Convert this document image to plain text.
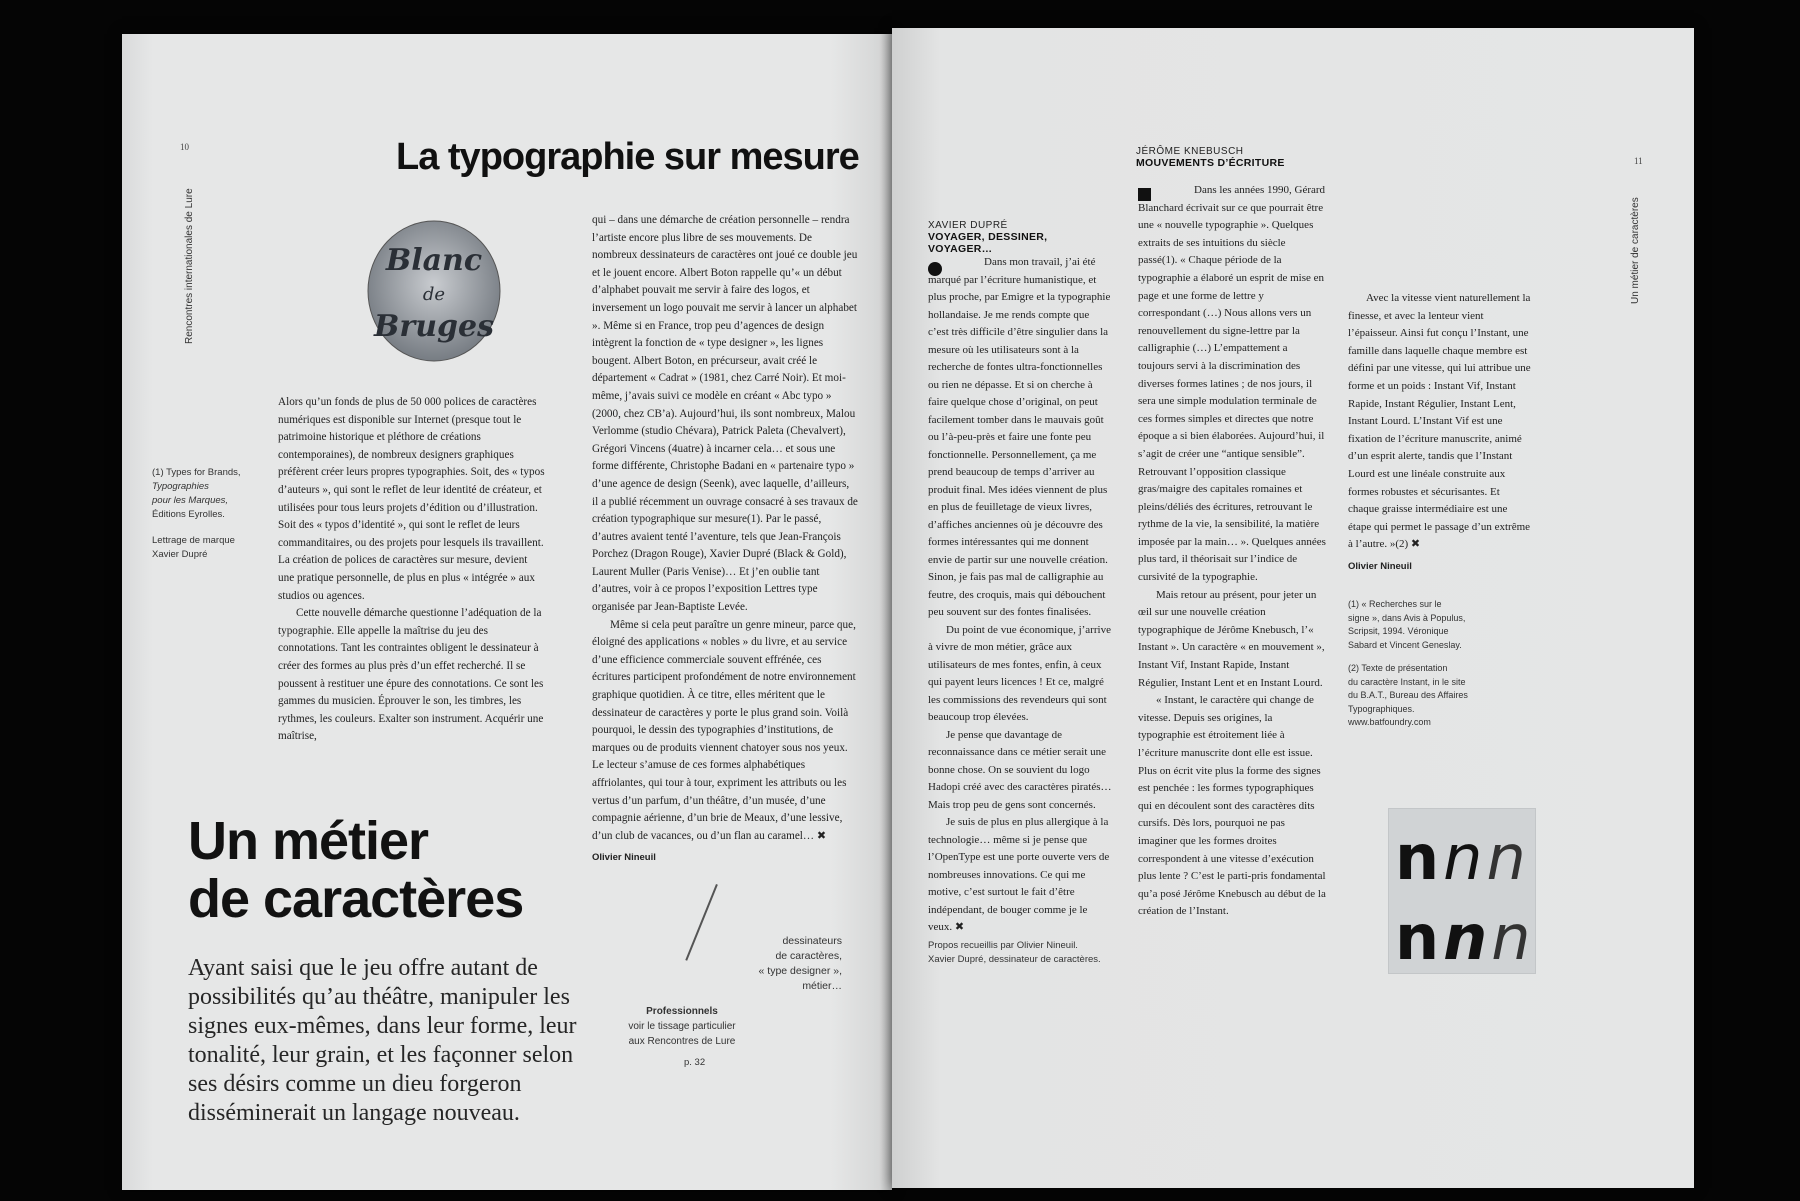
10
Rencontres internationales de Lure
La typographie sur mesure
Blanc
de
Bruges
(1) Types for Brands,
Typographies
pour les Marques,
Éditions Eyrolles.
Lettrage de marque
Xavier Dupré

Alors qu’un fonds de plus de 50 000 polices de caractères numériques est disponible sur Internet (presque tout le patrimoine historique et pléthore de créations contemporaines), de nombreux designers graphiques préfèrent créer leurs propres typographies. Soit, des « typos d’auteurs », qui sont le reflet de leur identité de créateur, et utilisées pour tous leurs projets d’édition ou d’illustration. Soit des « typos d’identité », qui sont le reflet de leurs commanditaires, ou des projets pour lesquels ils travaillent.

La création de polices de caractères sur mesure, devient une pratique personnelle, de plus en plus « intégrée » aux studios ou agences.

Cette nouvelle démarche questionne l’adéquation de la typographie. Elle appelle la maîtrise du jeu des connotations. Tant les contraintes obligent le dessinateur à créer des formes au plus près d’un effet recherché. Il se poussent à restituer une épure des connotations. Ce sont les gammes du musicien. Éprouver le son, les timbres, les rythmes, les couleurs. Exalter son instrument. Acquérir une maîtrise,

qui – dans une démarche de création personnelle – rendra l’artiste encore plus libre de ses mouvements. De nombreux dessinateurs de caractères ont joué ce double jeu et le jouent encore. Albert Boton rappelle qu’« un début d’alphabet pouvait me servir à faire des logos, et inversement un logo pouvait me servir à lancer un alphabet ». Même si en France, trop peu d’agences de design intègrent la fonction de « type designer », les lignes bougent. Albert Boton, en précurseur, avait créé le département « Cadrat » (1981, chez Carré Noir). Et moi-même, j’avais suivi ce modèle en créant « Abc typo » (2000, chez CB’a). Aujourd’hui, ils sont nombreux, Malou Verlomme (studio Chévara), Patrick Paleta (Chevalvert), Grégori Vincens (4uatre) à incarner cela… et sous une forme différente, Christophe Badani en « partenaire typo » d’une agence de design (Seenk), avec laquelle, d’ailleurs, il a publié récemment un ouvrage consacré à ses travaux de création typographique sur mesure(1). Par le passé, d’autres avaient tenté l’aventure, tels que Jean-François Porchez (Dragon Rouge), Xavier Dupré (Black & Gold), Laurent Muller (Paris Venise)… Et j’en oublie tant d’autres, voir à ce propos l’exposition Lettres type organisée par Jean-Baptiste Levée.

Même si cela peut paraître un genre mineur, parce que, éloigné des applications « nobles » du livre, et au service d’une efficience commerciale souvent effrénée, ces écritures participent profondément de notre environnement graphique quotidien. À ce titre, elles méritent que le dessinateur de caractères y porte le plus grand soin. Voilà pourquoi, le dessin des typographies d’institutions, de marques ou de produits viennent chatoyer sous nos yeux. Le lecteur s’amuse de ces formes alphabétiques affriolantes, qui tour à tour, expriment les attributs ou les vertus d’un parfum, d’un théâtre, d’un musée, d’une compagnie aérienne, d’un brie de Meaux, d’une lessive, d’un club de vacances, ou d’un flan au caramel… ✖

Olivier Nineuil
Un métier
de caractères

Ayant saisi que le jeu offre autant de possibilités qu’au théâtre, manipuler les signes eux-mêmes, dans leur forme, leur tonalité, leur grain, et les façonner selon ses désirs comme un dieu forgeron disséminerait un langage nouveau.

dessinateurs
de caractères,
« type designer »,
métier…
Professionnels
voir le tissage particulier
aux Rencontres de Lure
p. 32
11
Un métier de caractères
XAVIER DUPRÉ
VOYAGER, DESSINER, VOYAGER…

Dans mon travail, j’ai été marqué par l’écriture humanistique, et plus proche, par Emigre et la typographie hollandaise. Je me rends compte que c’est très difficile d’être singulier dans la mesure où les utilisateurs sont à la recherche de fontes ultra-fonctionnelles ou rien ne dépasse. Et si on cherche à faire quelque chose d’original, on peut facilement tomber dans le mauvais goût ou l’à-peu-près et faire une fonte peu fonctionnelle. Personnellement, ça me prend beaucoup de temps d’arriver au produit final. Mes idées viennent de plus en plus de feuilletage de vieux livres, d’affiches anciennes où je découvre des formes intéressantes qui me donnent envie de partir sur une nouvelle création. Sinon, je fais pas mal de calligraphie au feutre, des croquis, mais qui débouchent peu souvent sur des fontes finalisées.

Du point de vue économique, j’arrive à vivre de mon métier, grâce aux utilisateurs de mes fontes, enfin, à ceux qui payent leurs licences ! Et ce, malgré les commissions des revendeurs qui sont beaucoup trop élevées.

Je pense que davantage de reconnaissance dans ce métier serait une bonne chose. On se souvient du logo Hadopi créé avec des caractères piratés… Mais trop peu de gens sont concernés.

Je suis de plus en plus allergique à la technologie… même si je pense que l’OpenType est une porte ouverte vers de nombreuses innovations. Ce qui me motive, c’est surtout le fait d’être indépendant, de bouger comme je le veux. ✖

Propos recueillis par Olivier Nineuil.
Xavier Dupré, dessinateur de caractères.
JÉRÔME KNEBUSCH
MOUVEMENTS D’ÉCRITURE

Dans les années 1990, Gérard Blanchard écrivait sur ce que pourrait être une « nouvelle typographie ». Quelques extraits de ses intuitions du siècle passé(1). « Chaque période de la typographie a élaboré un esprit de mise en page et une forme de lettre y correspondant (…) Nous allons vers un renouvellement du signe-lettre par la calligraphie (…) L’empattement a toujours servi à la discrimination des diverses formes latines ; de nos jours, il sera une simple modulation terminale de ces formes simples et directes que notre époque a si bien élaborées. Aujourd’hui, il s’agit de créer une “antique sensible”. Retrouvant l’opposition classique gras/maigre des capitales romaines et pleins/déliés des écritures, retrouvant le rythme de la vie, la sensibilité, la matière imposée par la main… ». Quelques années plus tard, il théorisait sur l’indice de cursivité de la typographie.

Mais retour au présent, pour jeter un œil sur une nouvelle création typographique de Jérôme Knebusch, l’« Instant ». Un caractère « en mouvement », Instant Vif, Instant Rapide, Instant Régulier, Instant Lent et en Instant Lourd.

« Instant, le caractère qui change de vitesse. Depuis ses origines, la typographie est étroitement liée à l’écriture manuscrite dont elle est issue. Plus on écrit vite plus la forme des signes est penchée : les formes typographiques qui en découlent sont des caractères dits cursifs. Dès lors, pourquoi ne pas imaginer que les formes droites correspondent à une vitesse d’exécution plus lente ? C’est le parti-pris fondamental qu’a posé Jérôme Knebusch au début de la création de l’Instant.

Avec la vitesse vient naturellement la finesse, et avec la lenteur vient l’épaisseur. Ainsi fut conçu l’Instant, une famille dans laquelle chaque membre est défini par une vitesse, qui lui attribue une forme et un poids : Instant Vif, Instant Rapide, Instant Régulier, Instant Lent, Instant Lourd. L’Instant Vif est une fixation de l’écriture manuscrite, animé d’un esprit alerte, tandis que l’Instant Lourd est une linéale construite aux formes robustes et sécurisantes. Et chaque graisse intermédiaire est une étape qui permet le passage d’un extrême à l’autre. »(2) ✖

Olivier Nineuil
(1) « Recherches sur le
signe », dans Avis à Populus,
Scripsit, 1994. Véronique
Sabard et Vincent Geneslay.
(2) Texte de présentation
du caractère Instant, in le site
du B.A.T., Bureau des Affaires
Typographiques.
www.batfoundry.com
n n n
n n n
